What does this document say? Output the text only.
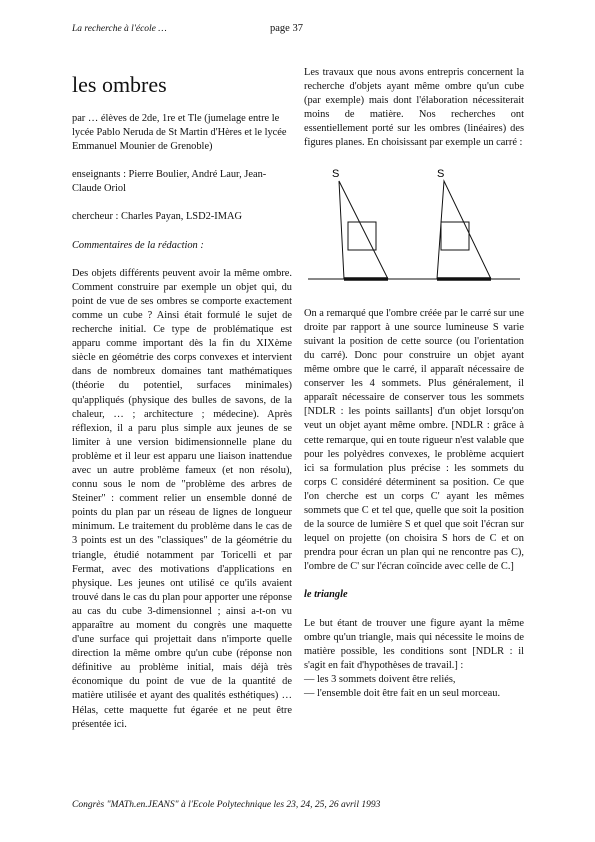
La recherche à l'école …	page 37
les ombres

par … élèves de 2de, 1re et Tle (jumelage entre le lycée Pablo Neruda de St Martin d'Hères et le lycée Emmanuel Mounier de Grenoble)

enseignants : Pierre Boulier, André Laur, Jean-Claude Oriol

chercheur : Charles Payan, LSD2-IMAG

Commentaires de la rédaction :

Des objets différents peuvent avoir la même ombre. Comment construire par exemple un objet qui, du point de vue de ses ombres se comporte exactement comme un cube ? Ainsi était formulé le sujet de recherche initial. Ce type de problématique est apparu comme important dès la fin du XIXème siècle en géométrie des corps convexes et intervient dans de nombreux domaines tant mathématiques (théorie du potentiel, surfaces minimales) qu'appliqués (physique des bulles de savons, de la chaleur, … ; architecture ; médecine). Après réflexion, il a paru plus simple aux jeunes de se limiter à une version bidimensionnelle plane du problème et il leur est apparu une liaison inattendue avec un autre problème fameux (et non résolu), connu sous le nom de "problème des arbres de Steiner" : comment relier un ensemble donné de points du plan par un réseau de lignes de longueur minimum. Le traitement du problème dans le cas de 3 points est un des "classiques" de la géométrie du triangle, étudié notamment par Toricelli et par Fermat, avec des motivations d'applications en physique. Les jeunes ont utilisé ce qu'ils avaient trouvé dans le cas du plan pour apporter une réponse au cas du cube 3-dimensionnel ; ainsi a-t-on vu apparaître au moment du congrès une maquette d'une surface qui projettait dans n'importe quelle direction la même ombre qu'un cube (réponse non définitive au problème initial, mais déjà très économique du point de vue de la quantité de matière utilisée et ayant des qualités esthétiques) … Hélas, cette maquette fut égarée et ne peut être présentée ici.

Les travaux que nous avons entrepris concernent la recherche d'objets ayant même ombre qu'un cube (par exemple) mais dont l'élaboration nécessiterait moins de matière. Nos recherches ont essentiellement porté sur les ombres (linéaires) des figures planes. En choisissant par exemple un carré :

S	S

On a remarqué que l'ombre créée par le carré sur une droite par rapport à une source lumineuse S varie suivant la position de cette source (ou l'orientation du carré). Donc pour construire un objet ayant même ombre que le carré, il apparaît nécessaire de conserver les 4 sommets. Plus généralement, il apparaît nécessaire de conserver tous les sommets [NDLR : les points saillants] d'un objet lorsqu'on veut un objet ayant même ombre. [NDLR : grâce à cette remarque, qui en toute rigueur n'est valable que pour les polyèdres convexes, le problème acquiert ici sa formulation plus précise : les sommets du corps C considéré déterminent sa position. Ce que l'on cherche est un corps C' ayant les mêmes sommets que C et tel que, quelle que soit la position de la source de lumière S et quel que soit l'écran sur lequel on projette (on choisira S hors de C et on prendra pour écran un plan qui ne rencontre pas C), l'ombre de C' sur l'écran coïncide avec celle de C.]

le triangle

Le but étant de trouver une figure ayant la même ombre qu'un triangle, mais qui nécessite le moins de matière possible, les conditions sont [NDLR : il s'agit en fait d'hypothèses de travail.] :

— les 3 sommets doivent être reliés,
— l'ensemble doit être fait en un seul morceau.
Congrès "MATh.en.JEANS" à l'Ecole Polytechnique les 23, 24, 25, 26 avril 1993
